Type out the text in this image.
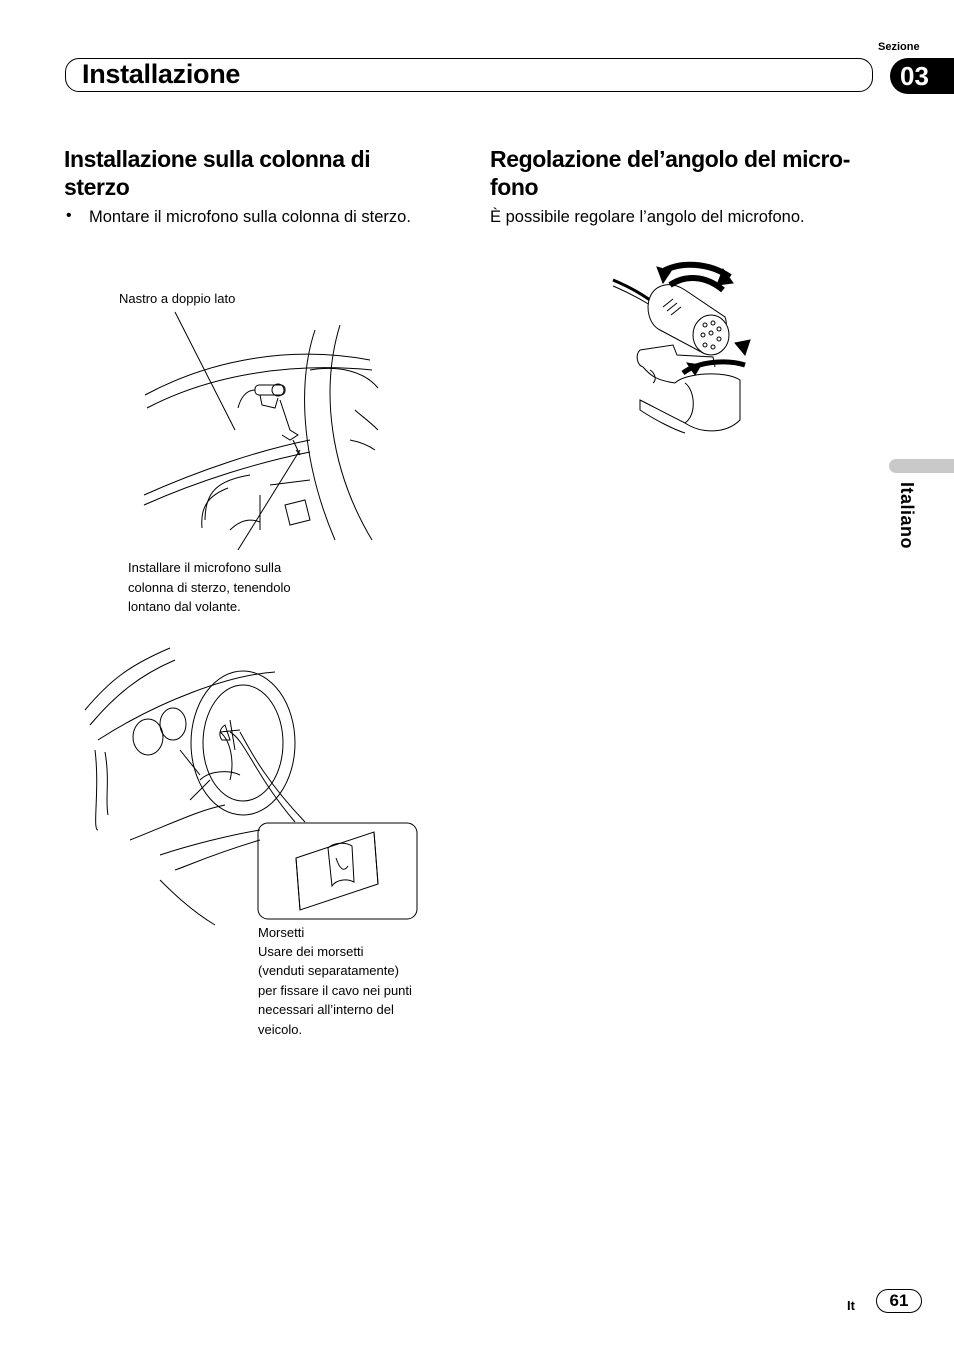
Sezione
Installazione	03
Installazione sulla colonna di sterzo
• Montare il microfono sulla colonna di sterzo.
Regolazione del’angolo del micro-fono
È possibile regolare l’angolo del microfono.
Nastro a doppio lato
Installare il microfono sulla
colonna di sterzo, tenendolo
lontano dal volante.
Morsetti
Usare dei morsetti
(venduti separatamente)
per fissare il cavo nei punti
necessari all’interno del
veicolo.
Italiano
It 61
